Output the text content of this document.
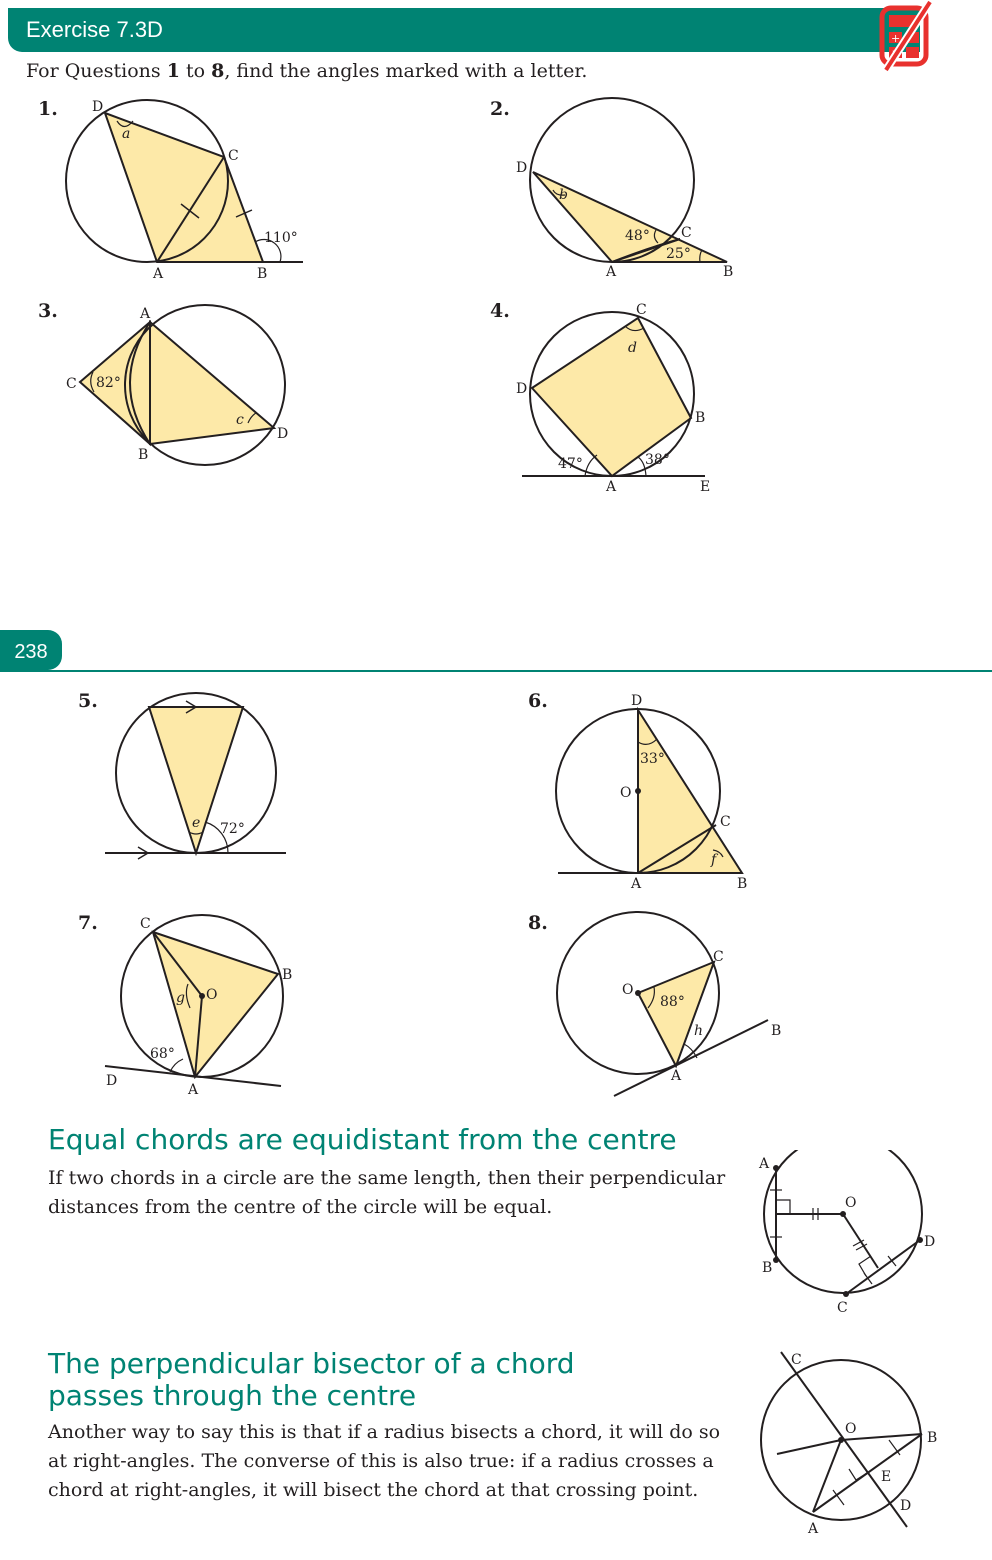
Exercise 7.3D	+
For Questions 1 to 8, find the angles marked with a letter.
1. D
C
A	B
110°
a
2.
D
C
A	B
48°
25°
b
3.	A
C
B
D
82°
c
4.	C
D
B
A	E
47°	38°
d
238
5.
72°
e
6.	D
O
C
A	B
33°
f
7.	C
B
O
D
A
68°
g
8.
O
C
B
A
88°
h
Equal chords are equidistant from the centre

If two chords in a circle are the same length, then their perpendicular distances from the centre of the circle will be equal.

A
O
D
B
C
The perpendicular bisector of a chord
passes through the centre

Another way to say this is that if a radius bisects a chord, it will do so at right-angles. The converse of this is also true: if a radius crosses a chord at right-angles, it will bisect the chord at that crossing point.

C
O
B
E
D
A
